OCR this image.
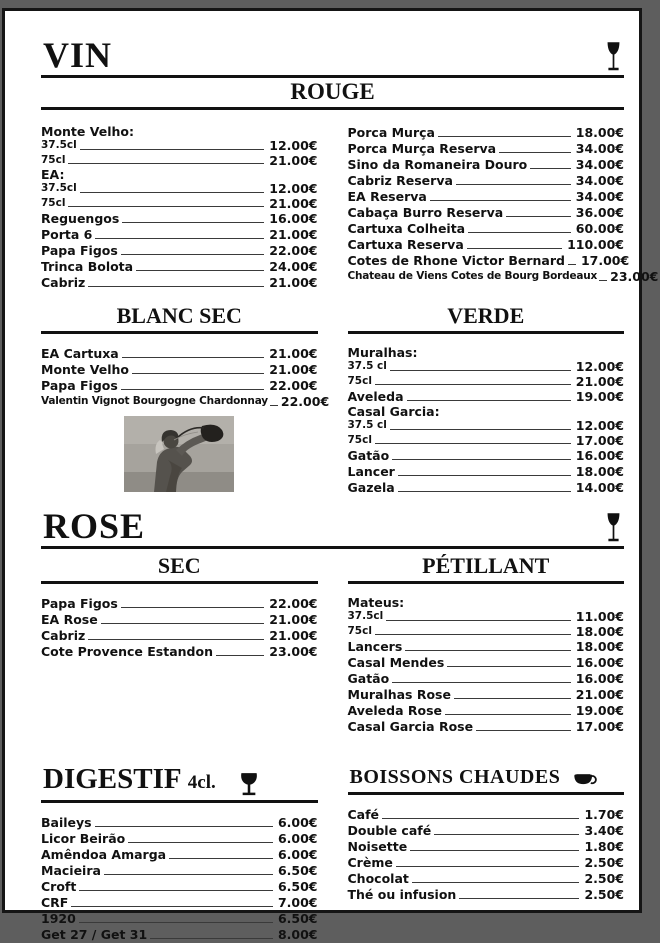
VIN
ROUGE
Monte Velho:
37.5cl	12.00€
75cl	21.00€
EA:
37.5cl	12.00€
75cl	21.00€
Reguengos	16.00€
Porta 6	21.00€
Papa Figos	22.00€
Trinca Bolota	24.00€
Cabriz	21.00€
Porca Murça	18.00€
Porca Murça Reserva	34.00€
Sino da Romaneira Douro	34.00€
Cabriz Reserva	34.00€
EA Reserva	34.00€
Cabaça Burro Reserva	36.00€
Cartuxa Colheita	60.00€
Cartuxa Reserva	110.00€
Cotes de Rhone Victor Bernard 17.00€
Chateau de Viens Cotes de Bourg Bordeaux 23.00€
BLANC SEC
EA Cartuxa	21.00€
Monte Velho	21.00€
Papa Figos	22.00€
Valentin Vignot Bourgogne Chardonnay 22.00€
VERDE
Muralhas:
37.5 cl	12.00€
75cl	21.00€
Aveleda	19.00€
Casal Garcia:
37.5 cl	12.00€
75cl	17.00€
Gatão	16.00€
Lancer	18.00€
Gazela	14.00€
ROSE
SEC
Papa Figos	22.00€
EA Rose	21.00€
Cabriz	21.00€
Cote Provence Estandon	23.00€
PÉTILLANT
Mateus:
37.5cl	11.00€
75cl	18.00€
Lancers	18.00€
Casal Mendes	16.00€
Gatão	16.00€
Muralhas Rose	21.00€
Aveleda Rose	19.00€
Casal Garcia Rose	17.00€
DIGESTIF 4cl.
Baileys	6.00€
Licor Beirão	6.00€
Amêndoa Amarga	6.00€
Macieira	6.50€
Croft	6.50€
CRF	7.00€
1920	6.50€
Get 27 / Get 31	8.00€
BOISSONS CHAUDES
Café	1.70€
Double café	3.40€
Noisette	1.80€
Crème	2.50€
Chocolat	2.50€
Thé ou infusion	2.50€
